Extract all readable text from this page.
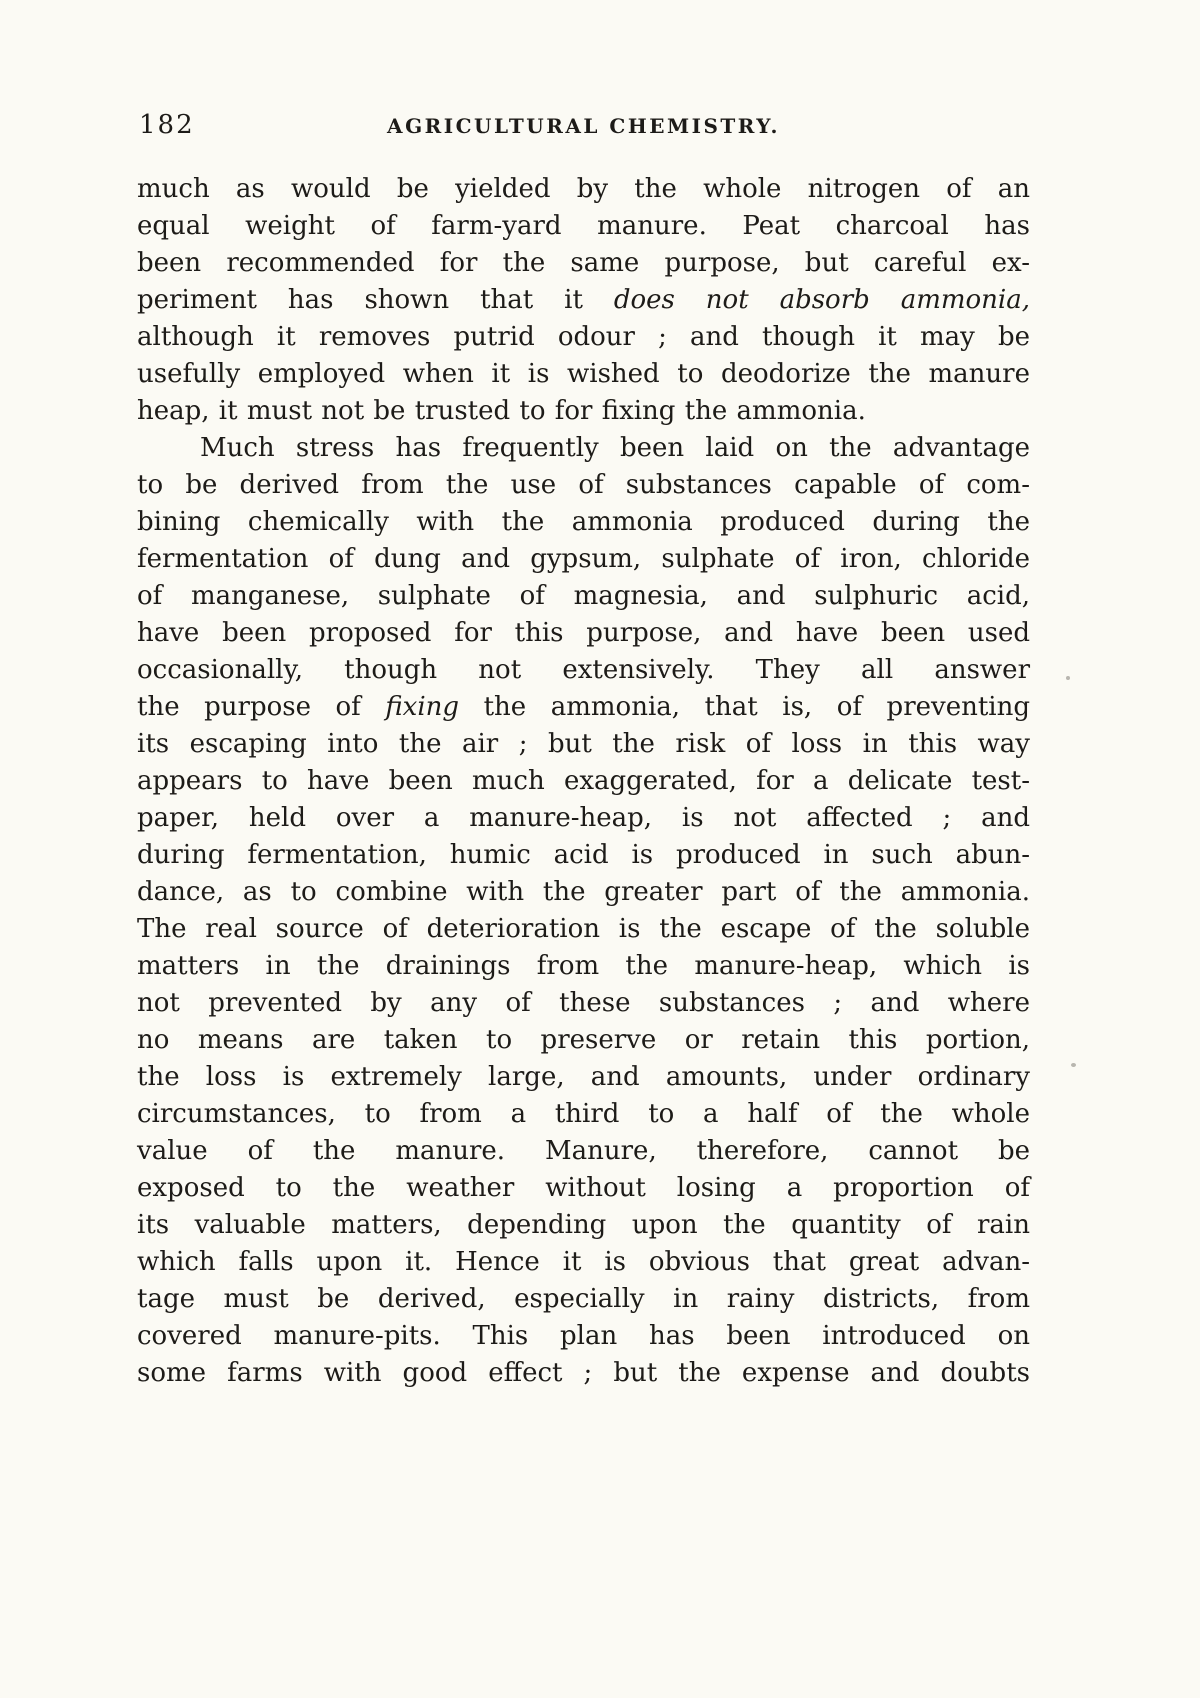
182	AGRICULTURAL CHEMISTRY.
much as would be yielded by the whole nitrogen of an
equal weight of farm-yard manure. Peat charcoal has
been recommended for the same purpose, but careful ex-
periment has shown that it does not absorb ammonia,
although it removes putrid odour ; and though it may be
usefully employed when it is wished to deodorize the manure
heap, it must not be trusted to for fixing the ammonia.
Much stress has frequently been laid on the advantage
to be derived from the use of substances capable of com-
bining chemically with the ammonia produced during the
fermentation of dung and gypsum, sulphate of iron, chloride
of manganese, sulphate of magnesia, and sulphuric acid,
have been proposed for this purpose, and have been used
occasionally, though not extensively. They all answer
the purpose of fixing the ammonia, that is, of preventing
its escaping into the air ; but the risk of loss in this way
appears to have been much exaggerated, for a delicate test-
paper, held over a manure-heap, is not affected ; and
during fermentation, humic acid is produced in such abun-
dance, as to combine with the greater part of the ammonia.
The real source of deterioration is the escape of the soluble
matters in the drainings from the manure-heap, which is
not prevented by any of these substances ; and where
no means are taken to preserve or retain this portion,
the loss is extremely large, and amounts, under ordinary
circumstances, to from a third to a half of the whole
value of the manure. Manure, therefore, cannot be
exposed to the weather without losing a proportion of
its valuable matters, depending upon the quantity of rain
which falls upon it. Hence it is obvious that great advan-
tage must be derived, especially in rainy districts, from
covered manure-pits. This plan has been introduced on
some farms with good effect ; but the expense and doubts
